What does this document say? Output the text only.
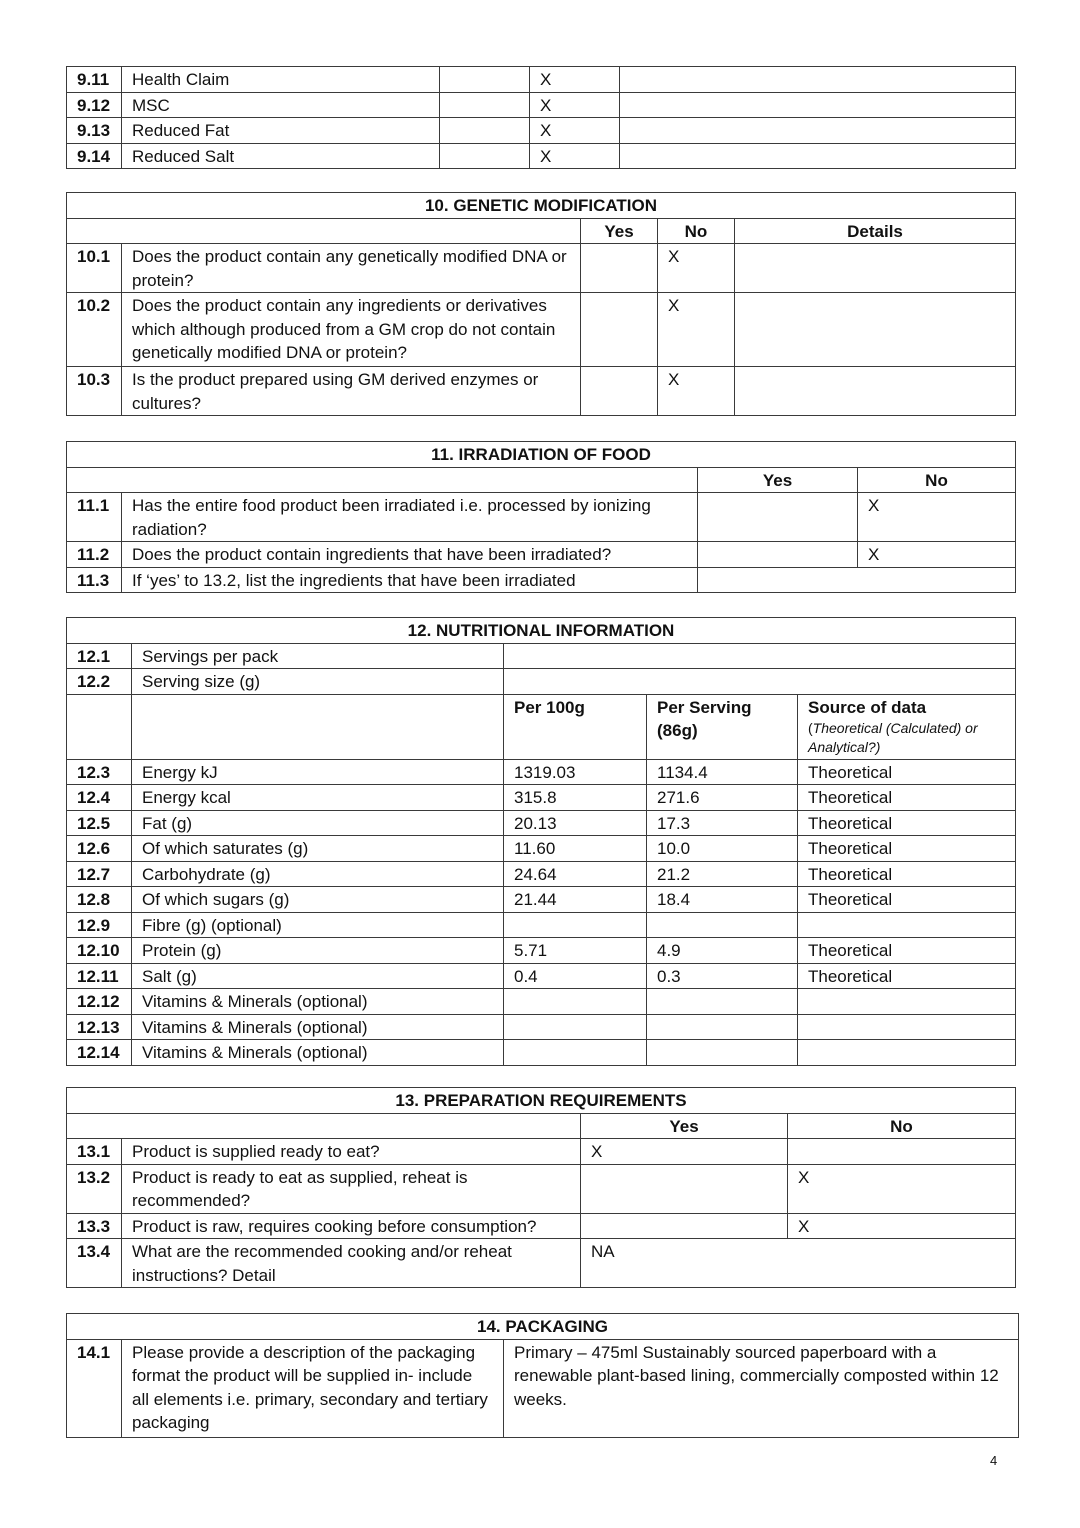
9.11	Health Claim		X	
9.12	MSC		X	
9.13	Reduced Fat		X	
9.14	Reduced Salt		X	
10. GENETIC MODIFICATION				
		Yes	No	Details
10.1	Does the product contain any genetically modified DNA or protein?		X	
10.2	Does the product contain any ingredients or derivatives which although produced from a GM crop do not contain genetically modified DNA or protein?		X	
10.3	Is the product prepared using GM derived enzymes or cultures?		X	
11. IRRADIATION OF FOOD			
		Yes	No
11.1	Has the entire food product been irradiated i.e. processed by ionizing radiation?		X
11.2	Does the product contain ingredients that have been irradiated?		X
11.3	If ‘yes’ to 13.2, list the ingredients that have been irradiated		
12. NUTRITIONAL INFORMATION				
12.1	Servings per pack			
12.2	Serving size (g)			
		Per 100g	Per Serving (86g)	Source of data
(Theoretical (Calculated) or Analytical?)

12.3	Energy kJ	1319.03	1134.4	Theoretical
12.4	Energy kcal	315.8	271.6	Theoretical
12.5	Fat (g)	20.13	17.3	Theoretical
12.6	Of which saturates (g)	11.60	10.0	Theoretical
12.7	Carbohydrate (g)	24.64	21.2	Theoretical
12.8	Of which sugars (g)	21.44	18.4	Theoretical
12.9	Fibre (g) (optional)			
12.10	Protein (g)	5.71	4.9	Theoretical
12.11	Salt (g)	0.4	0.3	Theoretical
12.12	Vitamins & Minerals (optional)			
12.13	Vitamins & Minerals (optional)			
12.14	Vitamins & Minerals (optional)			
13. PREPARATION REQUIREMENTS			
		Yes	No
13.1	Product is supplied ready to eat?	X	
13.2	Product is ready to eat as supplied, reheat is recommended?		X
13.3	Product is raw, requires cooking before consumption?		X
13.4	What are the recommended cooking and/or reheat instructions? Detail	NA	
14. PACKAGING
14.1	Please provide a description of the packaging format the product will be supplied in- include all elements i.e. primary, secondary and tertiary packaging	Primary – 475ml Sustainably sourced paperboard with a renewable plant-based lining, commercially composted within 12 weeks.
4
